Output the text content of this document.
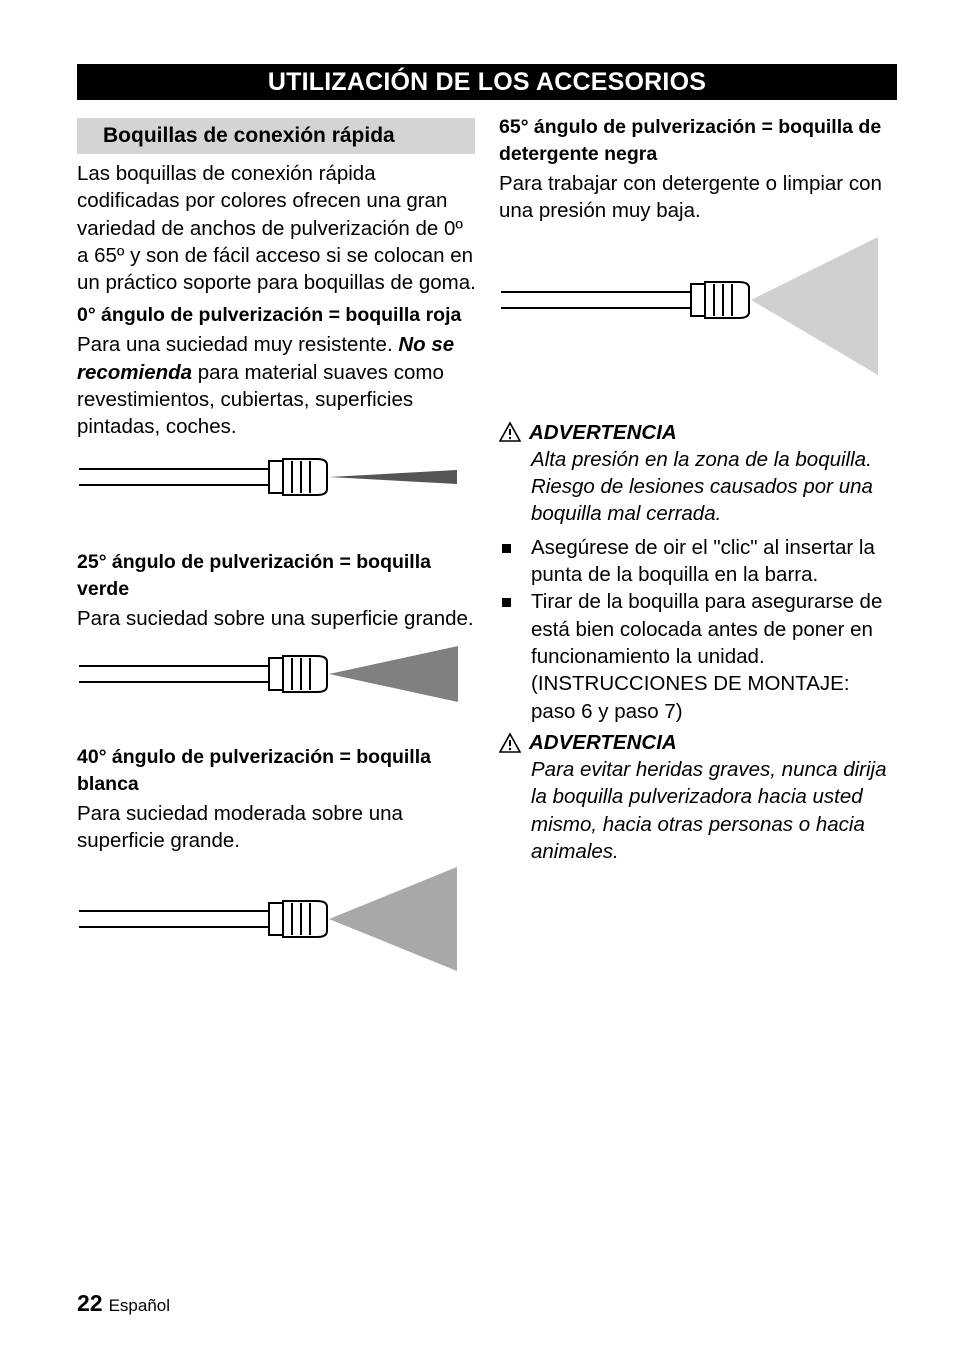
UTILIZACIÓN DE LOS ACCESORIOS
Boquillas de conexión rápida

Las boquillas de conexión rápida codificadas por colores ofrecen una gran variedad de anchos de pulverización de 0º a 65º y son de fácil acceso si se colocan en un práctico soporte para boquillas de goma.

0° ángulo de pulverización = boquilla roja

Para una suciedad muy resistente. No se recomienda para material suaves como revestimientos, cubiertas, superficies pintadas, coches.

25° ángulo de pulverización = boquilla verde

Para suciedad sobre una superficie grande.

40° ángulo de pulverización = boquilla blanca

Para suciedad moderada sobre una superficie grande.

65° ángulo de pulverización = boquilla de detergente negra

Para trabajar con detergente o limpiar con una presión muy baja.

ADVERTENCIA

Alta presión en la zona de la boquilla. Riesgo de lesiones causados por una boquilla mal cerrada.

Asegúrese de oir el "clic" al insertar la punta de la boquilla en la barra.
Tirar de la boquilla para asegurarse de está bien colocada antes de poner en funcionamiento la unidad. (INSTRUCCIONES DE MONTAJE: paso 6 y paso 7)
ADVERTENCIA

Para evitar heridas graves, nunca dirija la boquilla pulverizadora hacia usted mismo, hacia otras personas o hacia animales.

22 Español
